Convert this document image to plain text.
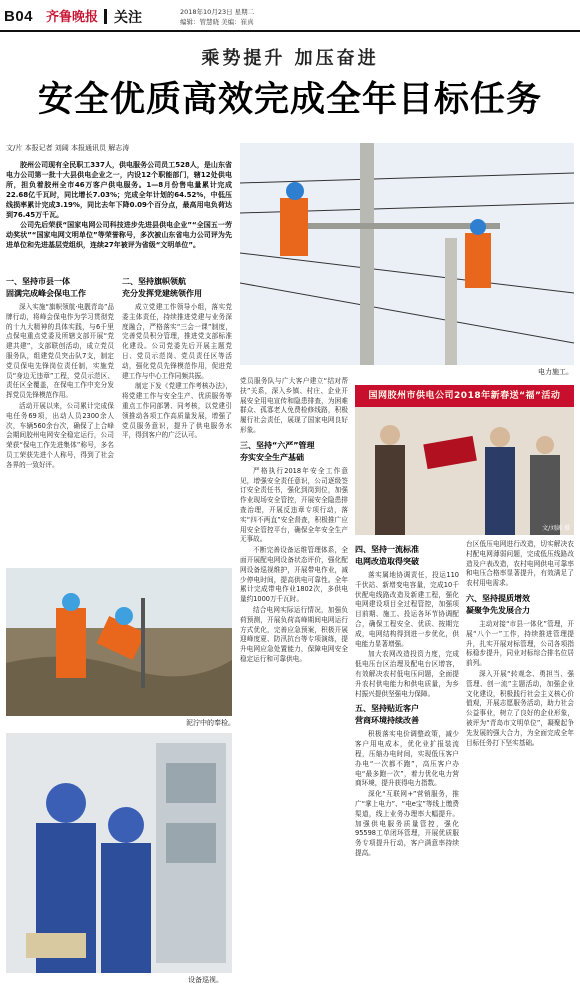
B04 齐鲁晚报 关注	2018年10月23日 星期二
编辑：管慧晓 美编：崔真
乘势提升 加压奋进
安全优质高效完成全年目标任务
文/片 本报记者 刘阔 本报通讯员 解志涛

胶州公司现有全民职工337人，供电服务公司员工528人，是山东省电力公司第一批十大县供电企业之一，内设12个职能部门，辖12处供电所，担负着胶州全市46万客户供电服务。1—8月份售电量累计完成22.68亿千瓦时，同比增长7.03%；完成全年计划的64.52%，中低压线损率累计完成3.19%，同比去年下降0.09个百分点，最高用电负荷达到76.45万千瓦。

公司先后荣获“国家电网公司科技进步先进县供电企业”“全国五一劳动奖状”“国家电网文明单位”等荣誉称号，多次被山东省电力公司评为先进单位和先进基层党组织，连续27年被评为省级“文明单位”。

一、坚持市县一体
固满完成峰会保电工作

深入实施“旗帜领航·电靓青岛”品牌行动，将峰会保电作为学习贯彻党的十九大精神的具体实践，与6千里点保电重点党委及所辖支部开展“党建共建”，支部联创活动，成立党员服务队，组建党员突击队7支，制定党员保电先锋岗位责任制，实施党员“身边无违章”工程，党员示范区、责任区全覆盖，在保电工作中充分发挥党员先锋模范作用。

活动开展以来，公司累计完成保电任务69项，出动人员2300余人次，车辆560余台次，确保了上合峰会期间胶州电网安全稳定运行，公司荣获“保电工作先进集体”称号，多名员工荣获先进个人称号，得到了社会各界的一致好评。

二、坚持旗帜领航
充分发挥党建统领作用

成立党建工作领导小组，落实党委主体责任，持续推进党建与业务深度融合，严格落实“三会一课”制度，完善党员积分管理，推进党支部标准化建设。公司党委先后开展主题党日、党员示范岗、党员责任区等活动，强化党员先锋模范作用，促进党建工作与中心工作同频共振。

制定下发《党建工作考核办法》，将党建工作与安全生产、优质服务等重点工作同部署、同考核，以党建引领推动各项工作高质量发展，增强了党员服务意识，提升了供电服务水平，得到客户的广泛认可。

泥泞中的奉检。
设备巡视。
电力施工。

党员服务队与广大客户建立“结对帮扶”关系，深入乡镇、村庄、企业开展安全用电宣传和隐患排查，为困难群众、孤寡老人免费检修线路，积极履行社会责任，展现了国家电网良好形象。

三、坚持“六严”管理
夯实安全生产基础

严格执行2018年安全工作意见，增强安全责任意识，公司逐级签订安全责任书，强化到岗到位，加强作业现场安全管控，开展安全隐患排查治理，开展反违章专项行动，落实“四不两直”安全督查，积极推广应用安全管控平台，确保全年安全生产无事故。

不断完善设备运维管理体系，全面开展配电网设备状态评价，强化配网设备巡视维护，开展带电作业，减少停电时间，提高供电可靠性。全年累计完成带电作业1802次，多供电量约1000万千瓦时。

结合电网实际运行情况，加强负荷预测，开展负荷高峰期间电网运行方式优化，完善应急预案，积极开展迎峰度夏、防汛抗台等专项演练，提升电网应急处置能力，保障电网安全稳定运行和可靠供电。

国网胶州市供电公司2018年新春送“福”活动
文/刘阔 摄
四、坚持一流标准
电网改造取得突破

落实属地协调责任，投运110千伏站、新增变电容量，完成10千伏配电线路改造及新建工程，强化电网建设项目全过程管控，加强项目前期、施工、投运各环节协调配合，确保工程安全、优质、按期完成，电网结构得到进一步优化，供电能力显著增强。

加大农网改造投资力度，完成低电压台区治理及配电台区增容，有效解决农村低电压问题，全面提升农村供电能力和供电质量，为乡村振兴提供坚强电力保障。

五、坚持贴近客户
营商环境持续改善

积极落实电价调整政策，减少客户用电成本，优化业扩报装流程，压缩办电时间，实现低压客户办电“一次都不跑”，高压客户办电“最多跑一次”，着力优化电力营商环境，提升获得电力指数。

深化“互联网+”营销服务，推广“掌上电力”、“电e宝”等线上缴费渠道，线上业务办理率大幅提升。加强供电服务质量管控，强化95598工单闭环管理，开展优质服务专项提升行动，客户满意率持续提高。

台区低压电网进行改造，切实解决农村配电网薄弱问题，完成低压线路改造及户表改造，农村电网供电可靠率和电压合格率显著提升，有效满足了农村用电需求。

六、坚持提质增效
凝聚争先发展合力

主动对接“市县一体化”管理，开展“八个一”工作，持续推进管理提升，扎实开展对标管理，公司各项指标稳步提升，同业对标综合排名位居前列。

深入开展“转观念、勇担当、强管理、创一流”主题活动，加强企业文化建设，积极践行社会主义核心价值观，开展志愿服务活动，助力社会公益事业，树立了良好的企业形象，被评为“青岛市文明单位”，凝聚起争先发展的强大合力，为全面完成全年目标任务打下坚实基础。
